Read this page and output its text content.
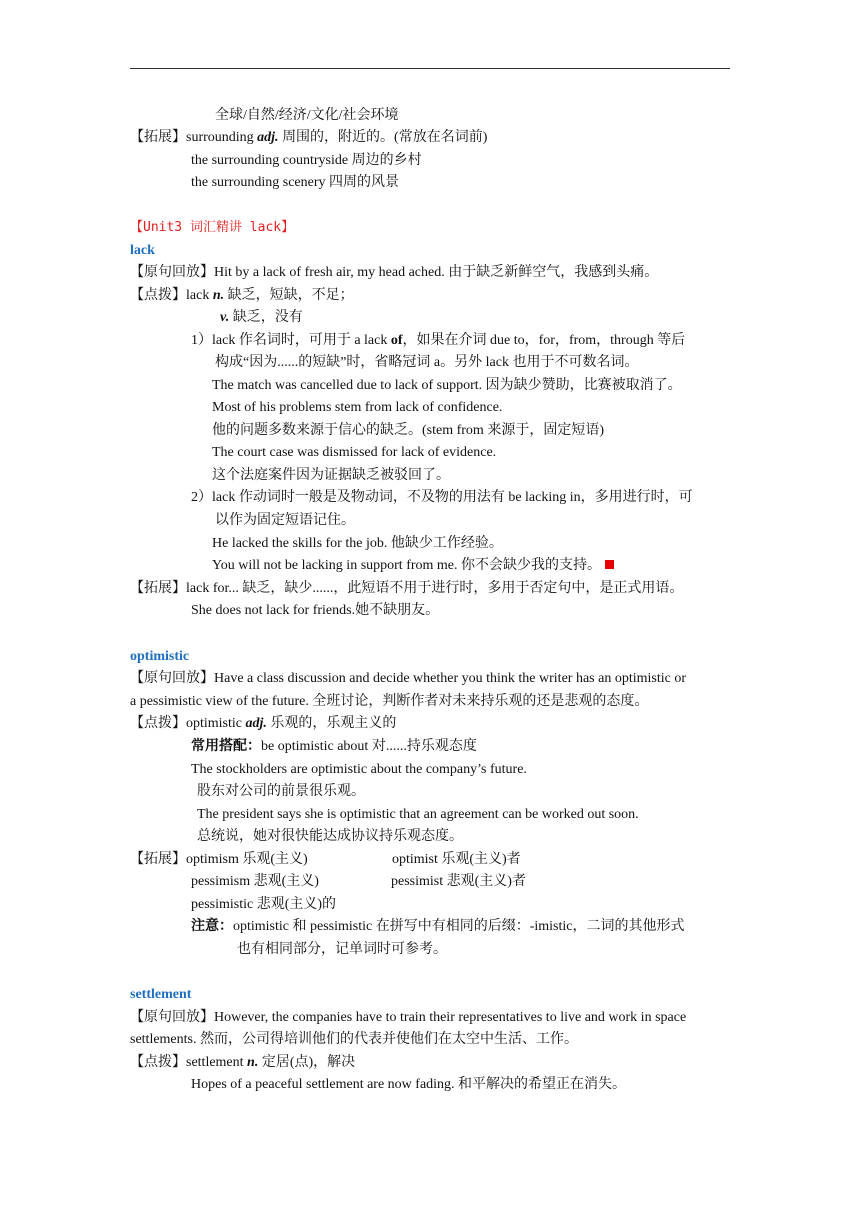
全球/自然/经济/文化/社会环境
【拓展】surrounding adj. 周围的，附近的。(常放在名词前)
the surrounding countryside 周边的乡村
the surrounding scenery 四周的风景
【Unit3 词汇精讲 lack】
lack
【原句回放】Hit by a lack of fresh air, my head ached. 由于缺乏新鲜空气，我感到头痛。
【点拨】lack n. 缺乏，短缺，不足；
v. 缺乏，没有
1）lack 作名词时，可用于 a lack of，如果在介词 due to，for，from，through 等后
构成“因为......的短缺”时，省略冠词 a。另外 lack 也用于不可数名词。
The match was cancelled due to lack of support. 因为缺少赞助，比赛被取消了。
Most of his problems stem from lack of confidence.
他的问题多数来源于信心的缺乏。(stem from 来源于，固定短语)
The court case was dismissed for lack of evidence.
这个法庭案件因为证据缺乏被驳回了。
2）lack 作动词时一般是及物动词，不及物的用法有 be lacking in，多用进行时，可
以作为固定短语记住。
He lacked the skills for the job. 他缺少工作经验。
You will not be lacking in support from me. 你不会缺少我的支持。
【拓展】lack for... 缺乏，缺少......，此短语不用于进行时，多用于否定句中，是正式用语。
She does not lack for friends.她不缺朋友。
optimistic
【原句回放】Have a class discussion and decide whether you think the writer has an optimistic or
a pessimistic view of the future. 全班讨论，判断作者对未来持乐观的还是悲观的态度。
【点拨】optimistic adj. 乐观的，乐观主义的
常用搭配：be optimistic about 对......持乐观态度
The stockholders are optimistic about the company’s future.
股东对公司的前景很乐观。
The president says she is optimistic that an agreement can be worked out soon.
总统说，她对很快能达成协议持乐观态度。
【拓展】optimism 乐观(主义)	optimist 乐观(主义)者
pessimism 悲观(主义)	pessimist 悲观(主义)者
pessimistic 悲观(主义)的
注意：optimistic 和 pessimistic 在拼写中有相同的后缀：-imistic，二词的其他形式
也有相同部分，记单词时可参考。
settlement
【原句回放】However, the companies have to train their representatives to live and work in space
settlements. 然而，公司得培训他们的代表并使他们在太空中生活、工作。
【点拨】settlement n. 定居(点)，解决
Hopes of a peaceful settlement are now fading. 和平解决的希望正在消失。
